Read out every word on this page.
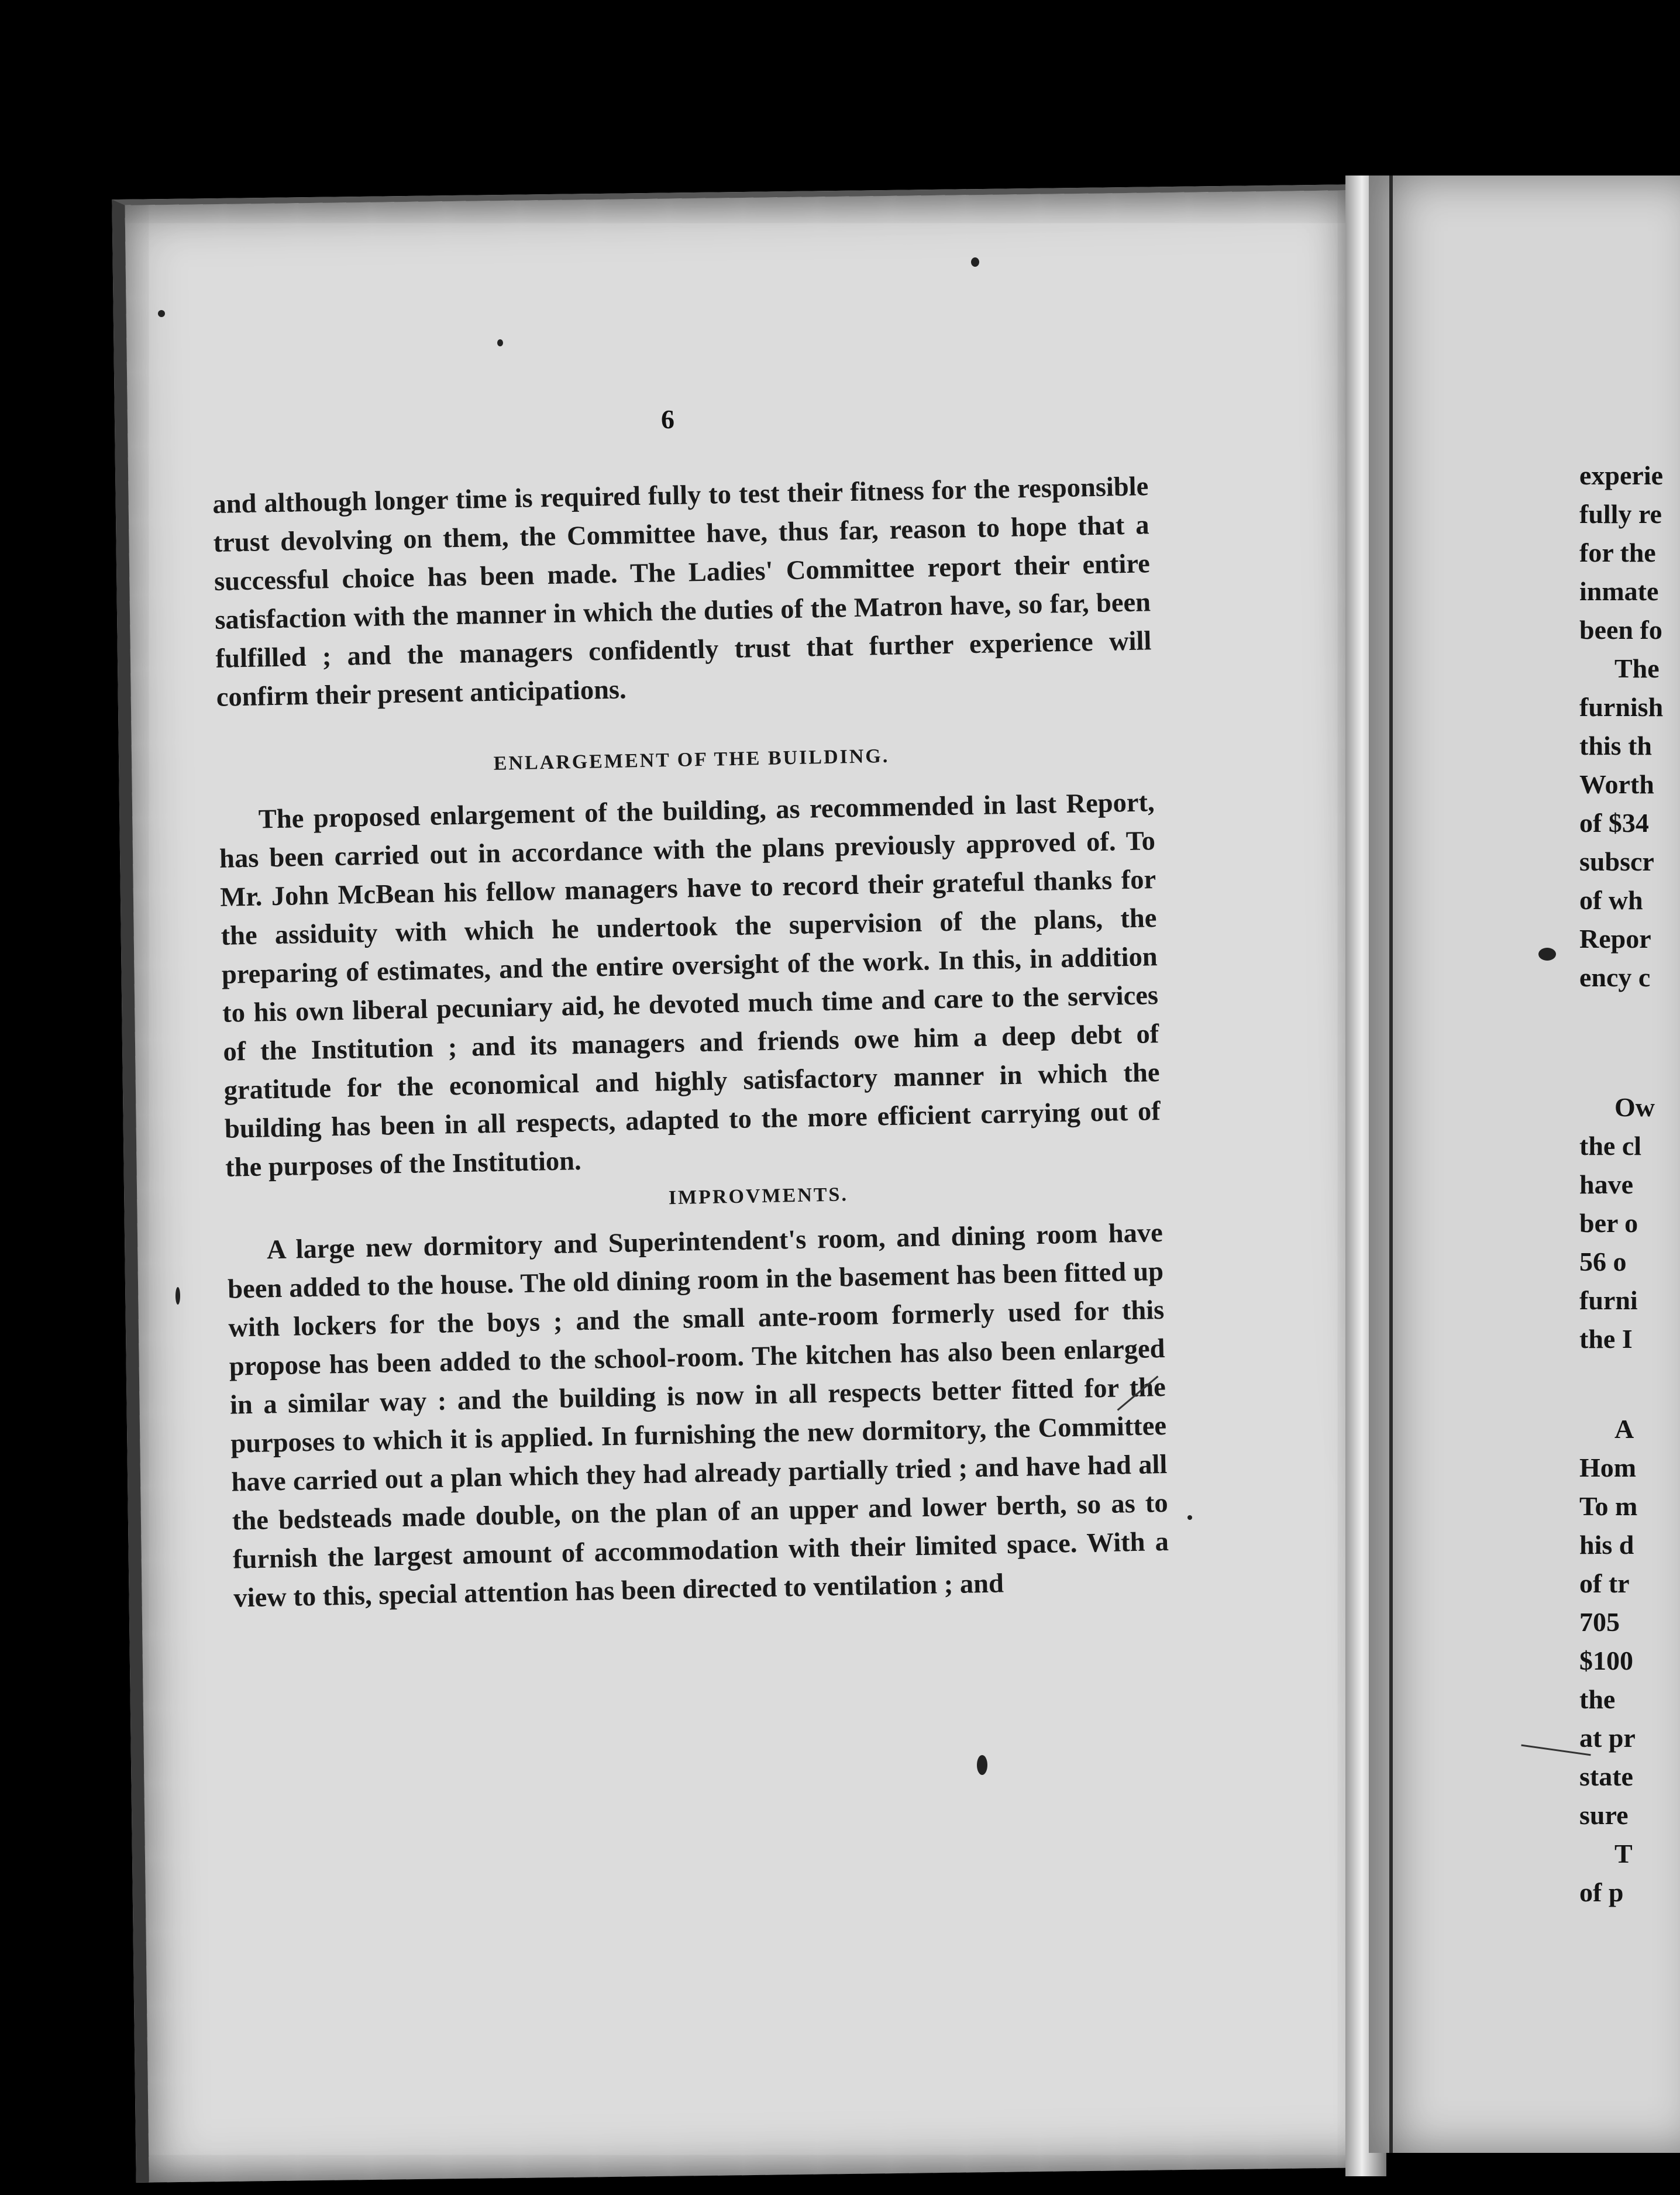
6

and although longer time is required fully to test their fitness for the responsible trust devolving on them, the Committee have, thus far, reason to hope that a successful choice has been made. The Ladies' Committee report their entire satisfaction with the manner in which the duties of the Matron have, so far, been fulfilled ; and the managers confidently trust that further experience will confirm their present anticipations.

ENLARGEMENT OF THE BUILDING.

The proposed enlargement of the building, as recommended in last Report, has been carried out in accordance with the plans previously approved of. To Mr. John McBean his fellow managers have to record their grateful thanks for the assiduity with which he undertook the supervision of the plans, the preparing of estimates, and the entire oversight of the work. In this, in addition to his own liberal pecuniary aid, he devoted much time and care to the services of the Institution ; and its managers and friends owe him a deep debt of gratitude for the economical and highly satisfactory manner in which the building has been in all respects, adapted to the more efficient carrying out of the purposes of the Institution.

IMPROVMENTS.

A large new dormitory and Superintendent's room, and dining room have been added to the house. The old dining room in the basement has been fitted up with lockers for the boys ; and the small ante-room formerly used for this propose has been added to the school-room. The kitchen has also been enlarged in a similar way : and the building is now in all respects better fitted for the purposes to which it is applied. In furnishing the new dormitory, the Committee have carried out a plan which they had already partially tried ; and have had all the bedsteads made double, on the plan of an upper and lower berth, so as to furnish the largest amount of accommodation with their limited space. With a view to this, special attention has been directed to ventilation ; and

experie
fully re
for the
inmate
been fo
The
furnish
this th
Worth
of $34
subscr
of wh
Repor
ency c
Ow
the cl
have
ber o
56 o
furni
the I
A
Hom
To m
his d
of tr
705
$100
the
at pr
state
sure
T
of p
